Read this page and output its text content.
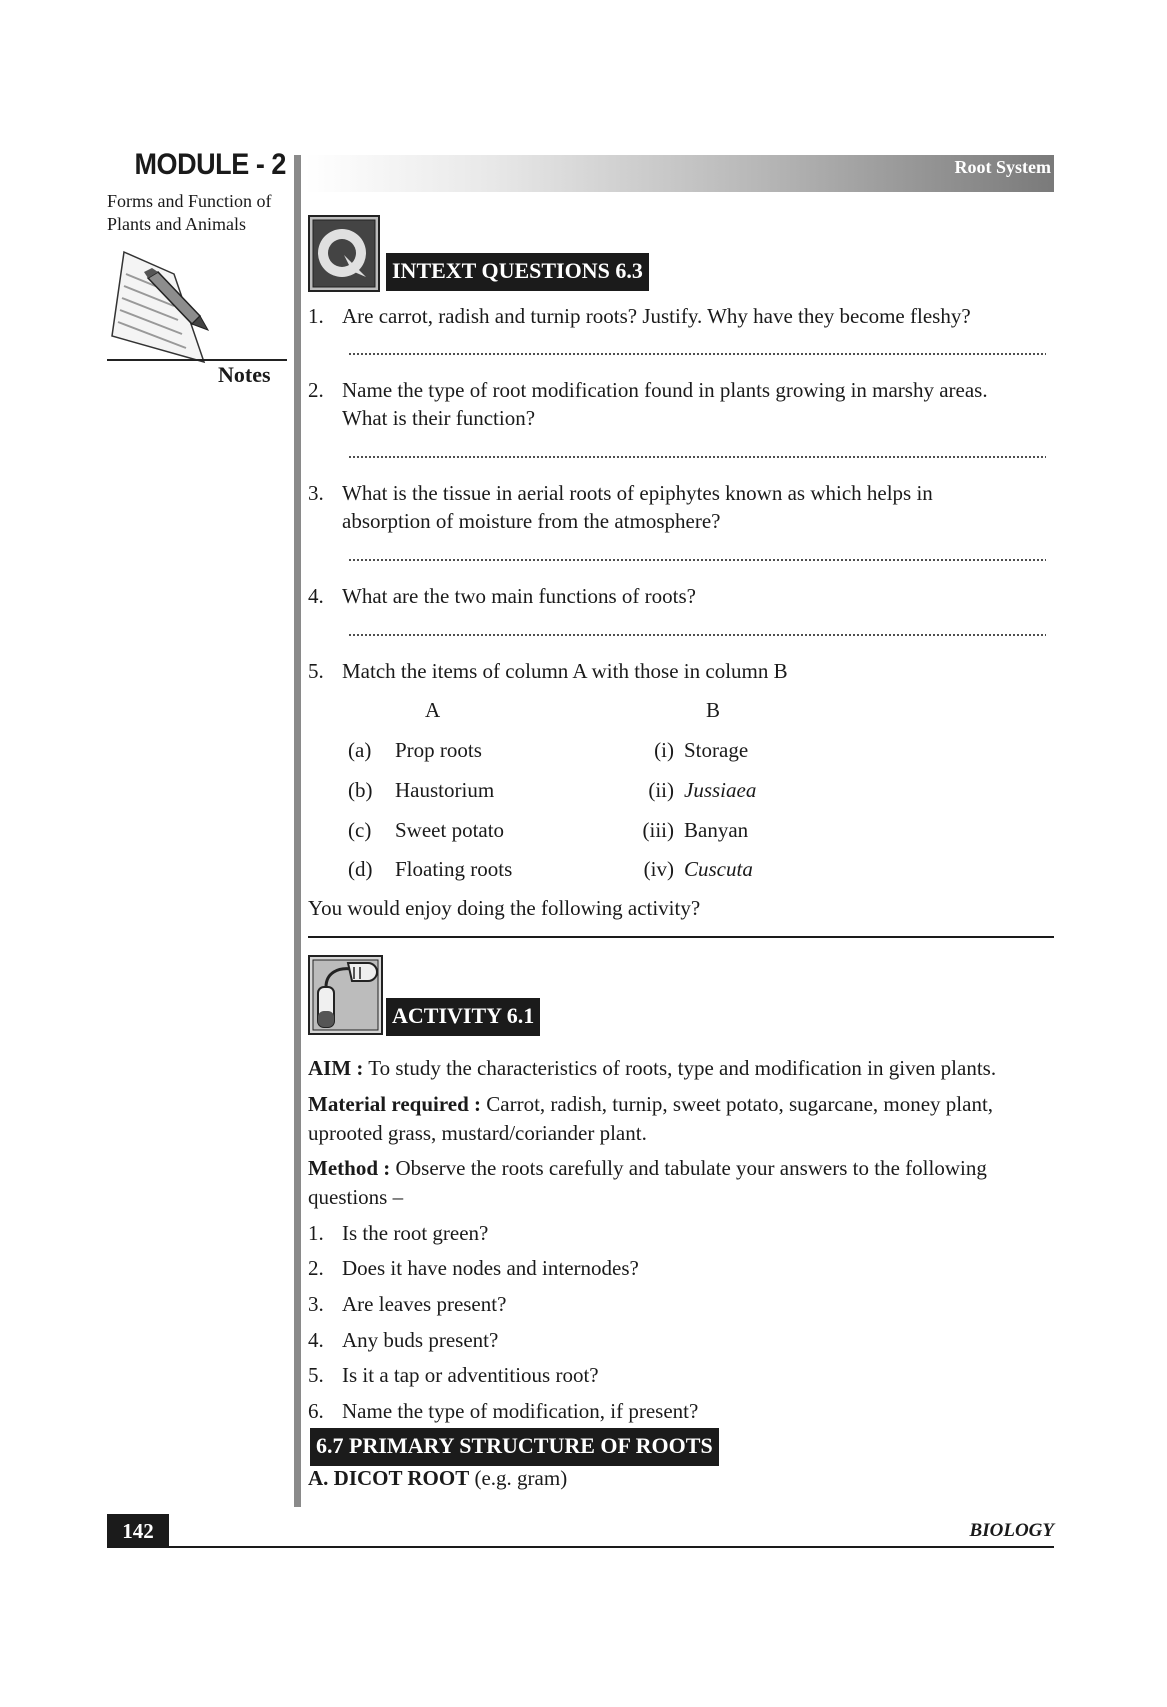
MODULE - 2
Forms and Function of
Plants and Animals
Notes
Root System
INTEXT QUESTIONS 6.3
1. Are carrot, radish and turnip roots? Justify. Why have they become fleshy?
2. Name the type of root modification found in plants growing in marshy areas.
What is their function?
3. What is the tissue in aerial roots of epiphytes known as which helps in
absorption of moisture from the atmosphere?
4. What are the two main functions of roots?
5. Match the items of column A with those in column B
A	B
(a) Prop roots	(i) Storage
(b) Haustorium	(ii) Jussiaea
(c) Sweet potato	(iii) Banyan
(d) Floating roots	(iv) Cuscuta
You would enjoy doing the following activity?
ACTIVITY 6.1
AIM : To study the characteristics of roots, type and modification in given plants.
Material required : Carrot, radish, turnip, sweet potato, sugarcane, money plant,
uprooted grass, mustard/coriander plant.
Method : Observe the roots carefully and tabulate your answers to the following
questions –
1. Is the root green?
2. Does it have nodes and internodes?
3. Are leaves present?
4. Any buds present?
5. Is it a tap or adventitious root?
6. Name the type of modification, if present?
6.7 PRIMARY STRUCTURE OF ROOTS
A. DICOT ROOT (e.g. gram)
142	BIOLOGY
